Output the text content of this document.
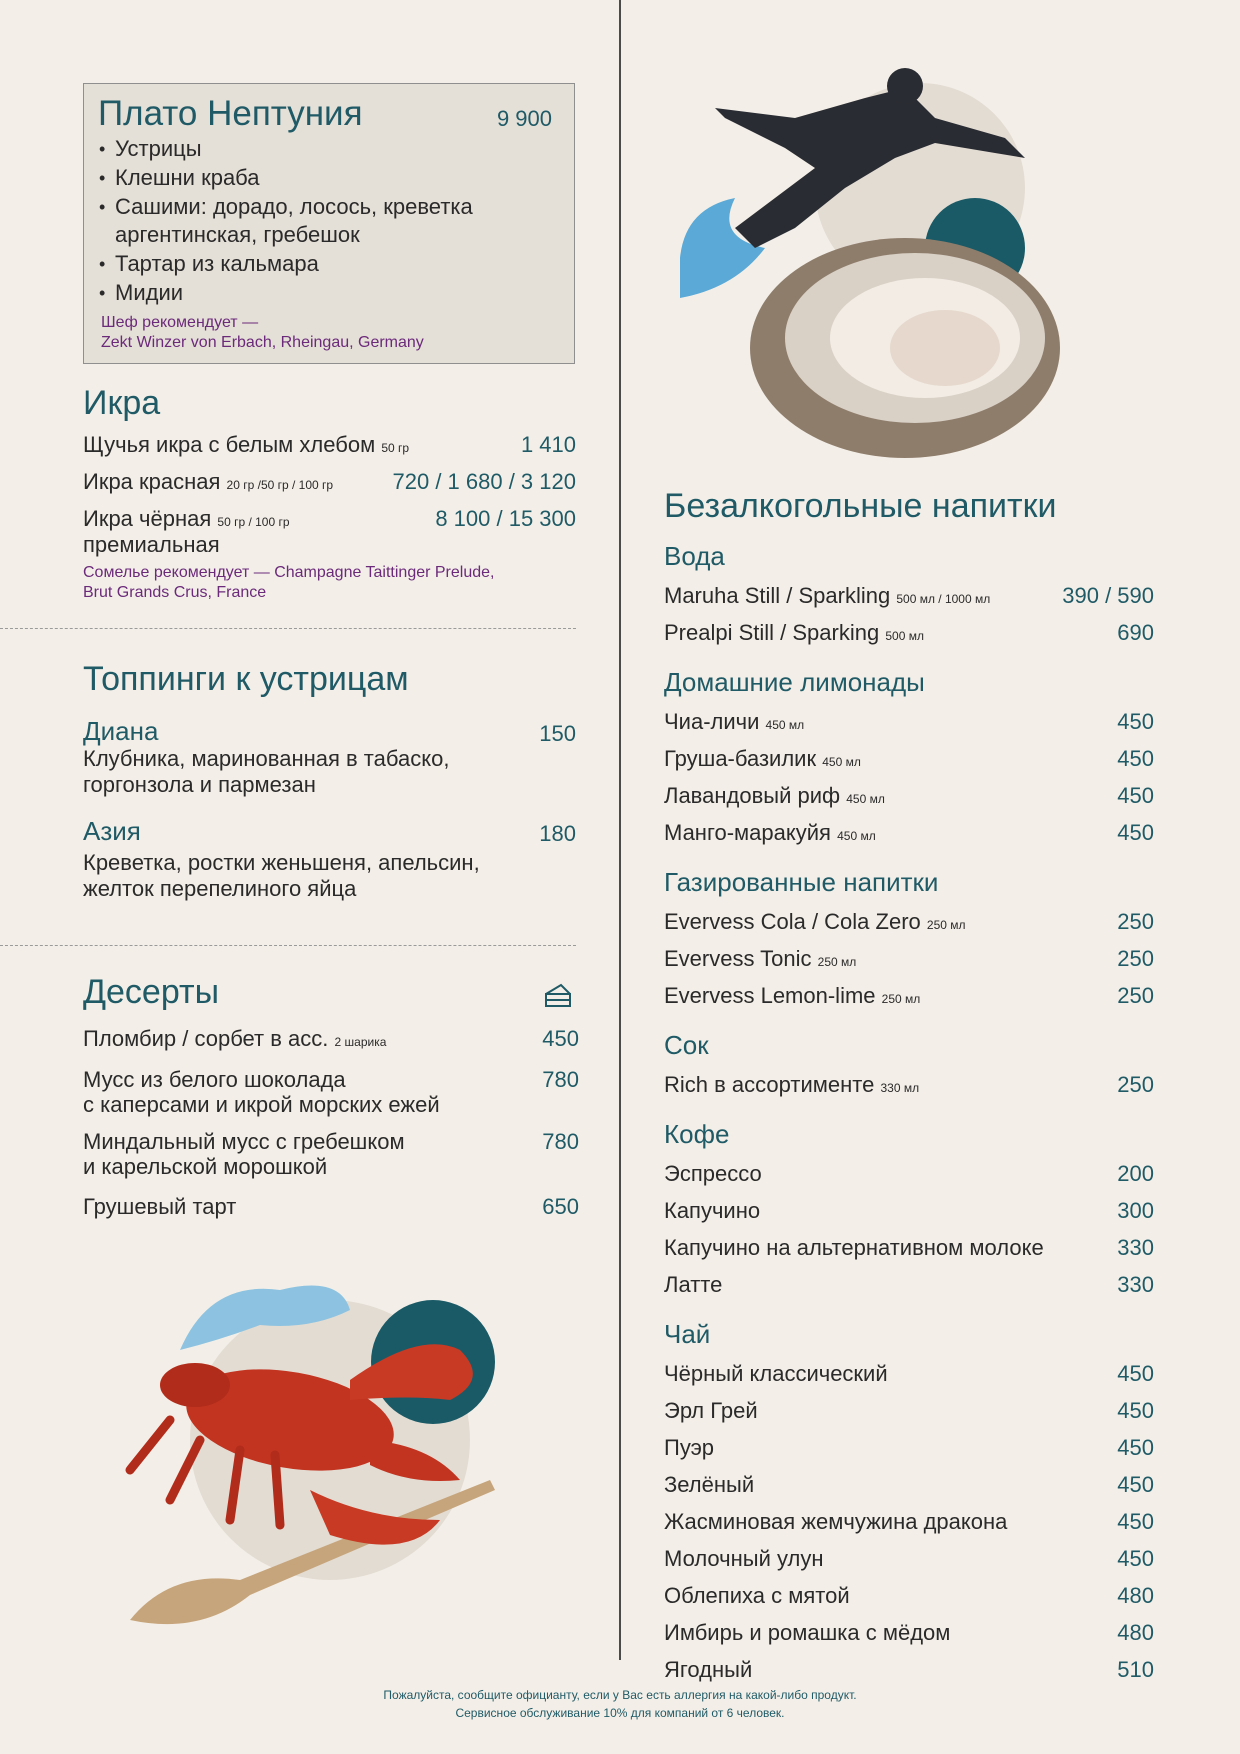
Плато Нептуния	9 900
• Устрицы
• Клешни краба
• Сашими: дорадо, лосось, креветка аргентинская, гребешок
• Тартар из кальмара
• Мидии
Шеф рекомендует —
Zekt Winzer von Erbach, Rheingau, Germany
Икра
Щучья икра с белым хлебом 50 гр	1 410
Икра красная 20 гр /50 гр / 100 гр	720 / 1 680 / 3 120
Икра чёрная 50 гр / 100 гр
премиальная
8 100 / 15 300
Сомелье рекомендует — Champagne Taittinger Prelude,
Brut Grands Crus, France
Топпинги к устрицам
Диана	150
Клубника, маринованная в табаско,
горгонзола и пармезан
Азия	180
Креветка, ростки женьшеня, апельсин,
желток перепелиного яйца
Десерты
Пломбир / сорбет в асс. 2 шарика	450
Мусс из белого шоколада
с каперсами и икрой морских ежей
780
Миндальный мусс с гребешком
и карельской морошкой
780
Грушевый тарт	650
Безалкогольные напитки
Вода
Maruha Still / Sparkling 500 мл / 1000 мл	390 / 590
Prealpi Still / Sparking 500 мл	690
Домашние лимонады
Чиа-личи 450 мл	450
Груша-базилик 450 мл	450
Лавандовый риф 450 мл	450
Манго-маракуйя 450 мл	450
Газированные напитки
Evervess Cola / Cola Zero 250 мл	250
Evervess Tonic 250 мл	250
Evervess Lemon-lime 250 мл	250
Сок
Rich в ассортименте 330 мл	250
Кофе
Эспрессо	200
Капучино	300
Капучино на альтернативном молоке	330
Латте	330
Чай
Чёрный классический	450
Эрл Грей	450
Пуэр	450
Зелёный	450
Жасминовая жемчужина дракона	450
Молочный улун	450
Облепиха с мятой	480
Имбирь и ромашка с мёдом	480
Ягодный	510
Пожалуйста, сообщите официанту, если у Вас есть аллергия на какой-либо продукт.
Сервисное обслуживание 10% для компаний от 6 человек.
